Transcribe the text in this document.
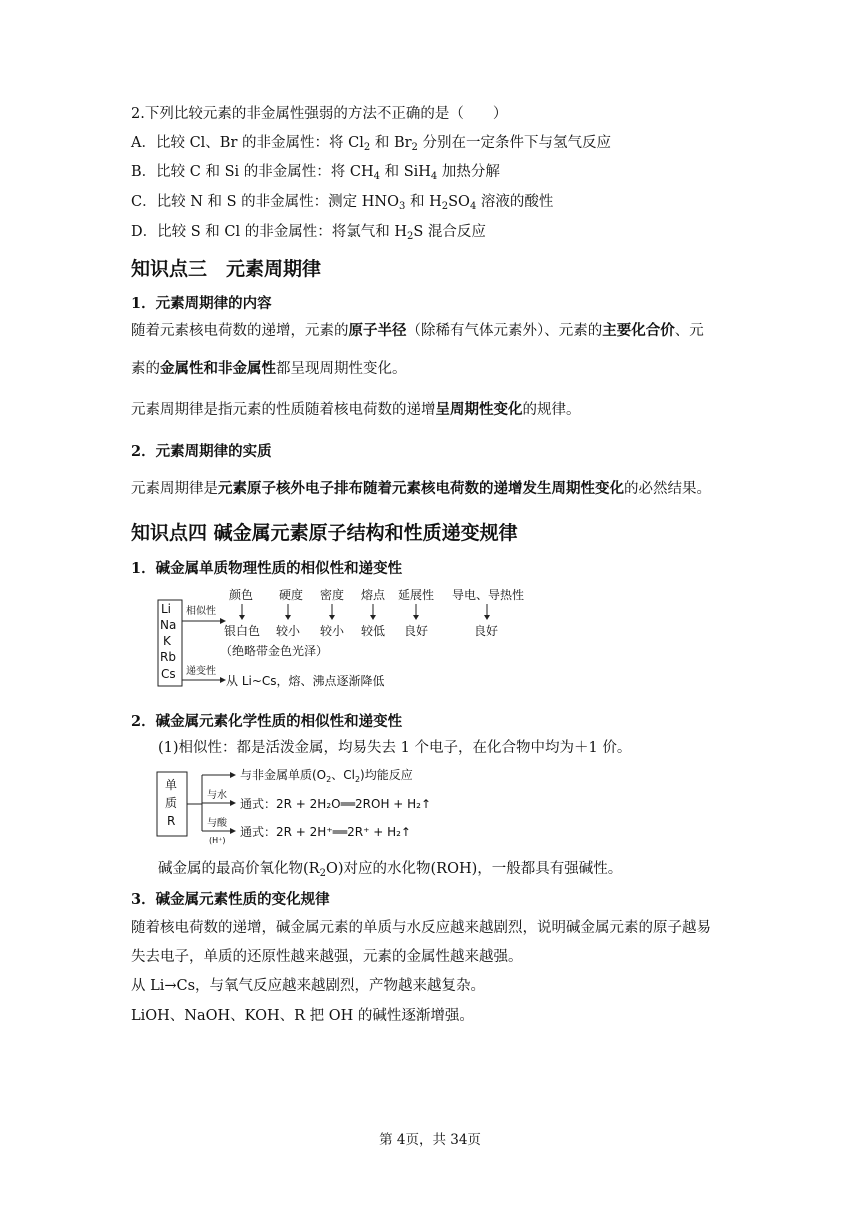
2.下列比较元素的非金属性强弱的方法不正确的是（　　）
A．比较 Cl、Br 的非金属性：将 $Cl_2$ 和 $Br_2$ 分别在一定条件下与氢气反应
B．比较 C 和 Si 的非金属性：将 $CH_4$ 和 SiH$_4$ 加热分解
C．比较 N 和 S 的非金属性：测定 $HNO_3$ 和 $H_2SO_4$ 溶液的酸性
D．比较 S 和 Cl 的非金属性：将氯气和 $H_2S$ 混合反应
知识点三　元素周期律
1．元素周期律的内容
随着元素核电荷数的递增，元素的原子半径（除稀有气体元素外）、元素的主要化合价、元
素的金属性和非金属性都呈现周期性变化。
元素周期律是指元素的性质随着核电荷数的递增呈周期性变化的规律。
2．元素周期律的实质
元素周期律是元素原子核外电子排布随着元素核电荷数的递增发生周期性变化的必然结果。
知识点四 碱金属元素原子结构和性质递变规律
1．碱金属单质物理性质的相似性和递变性
Li
Na
K
Rb
Cs
相似性
颜色 硬度 密度 熔点 延展性 导电、导热性
银白色 较小 较小 较低 良好	良好
（绝略带金色光泽）
递变性
从 Li~Cs，熔、沸点逐渐降低
2．碱金属元素化学性质的相似性和递变性
(1)相似性：都是活泼金属，均易失去 1 个电子，在化合物中均为＋1 价。
单
质
R
与非金属单质($O_2$、$Cl_2$)均能反应
与水
通式：2R + 2H₂O══2ROH + H₂↑
与酸
(H⁺)
通式：2R + 2H⁺══2R⁺ + H₂↑
碱金属的最高价氧化物$(R_2O)$对应的水化物(ROH)，一般都具有强碱性。
3．碱金属元素性质的变化规律
随着核电荷数的递增，碱金属元素的单质与水反应越来越剧烈，说明碱金属元素的原子越易
失去电子，单质的还原性越来越强，元素的金属性越来越强。
从 Li→Cs，与氧气反应越来越剧烈，产物越来越复杂。
LiOH、NaOH、KOH、R 把 OH 的碱性逐渐增强。
第 4页，共 34页
